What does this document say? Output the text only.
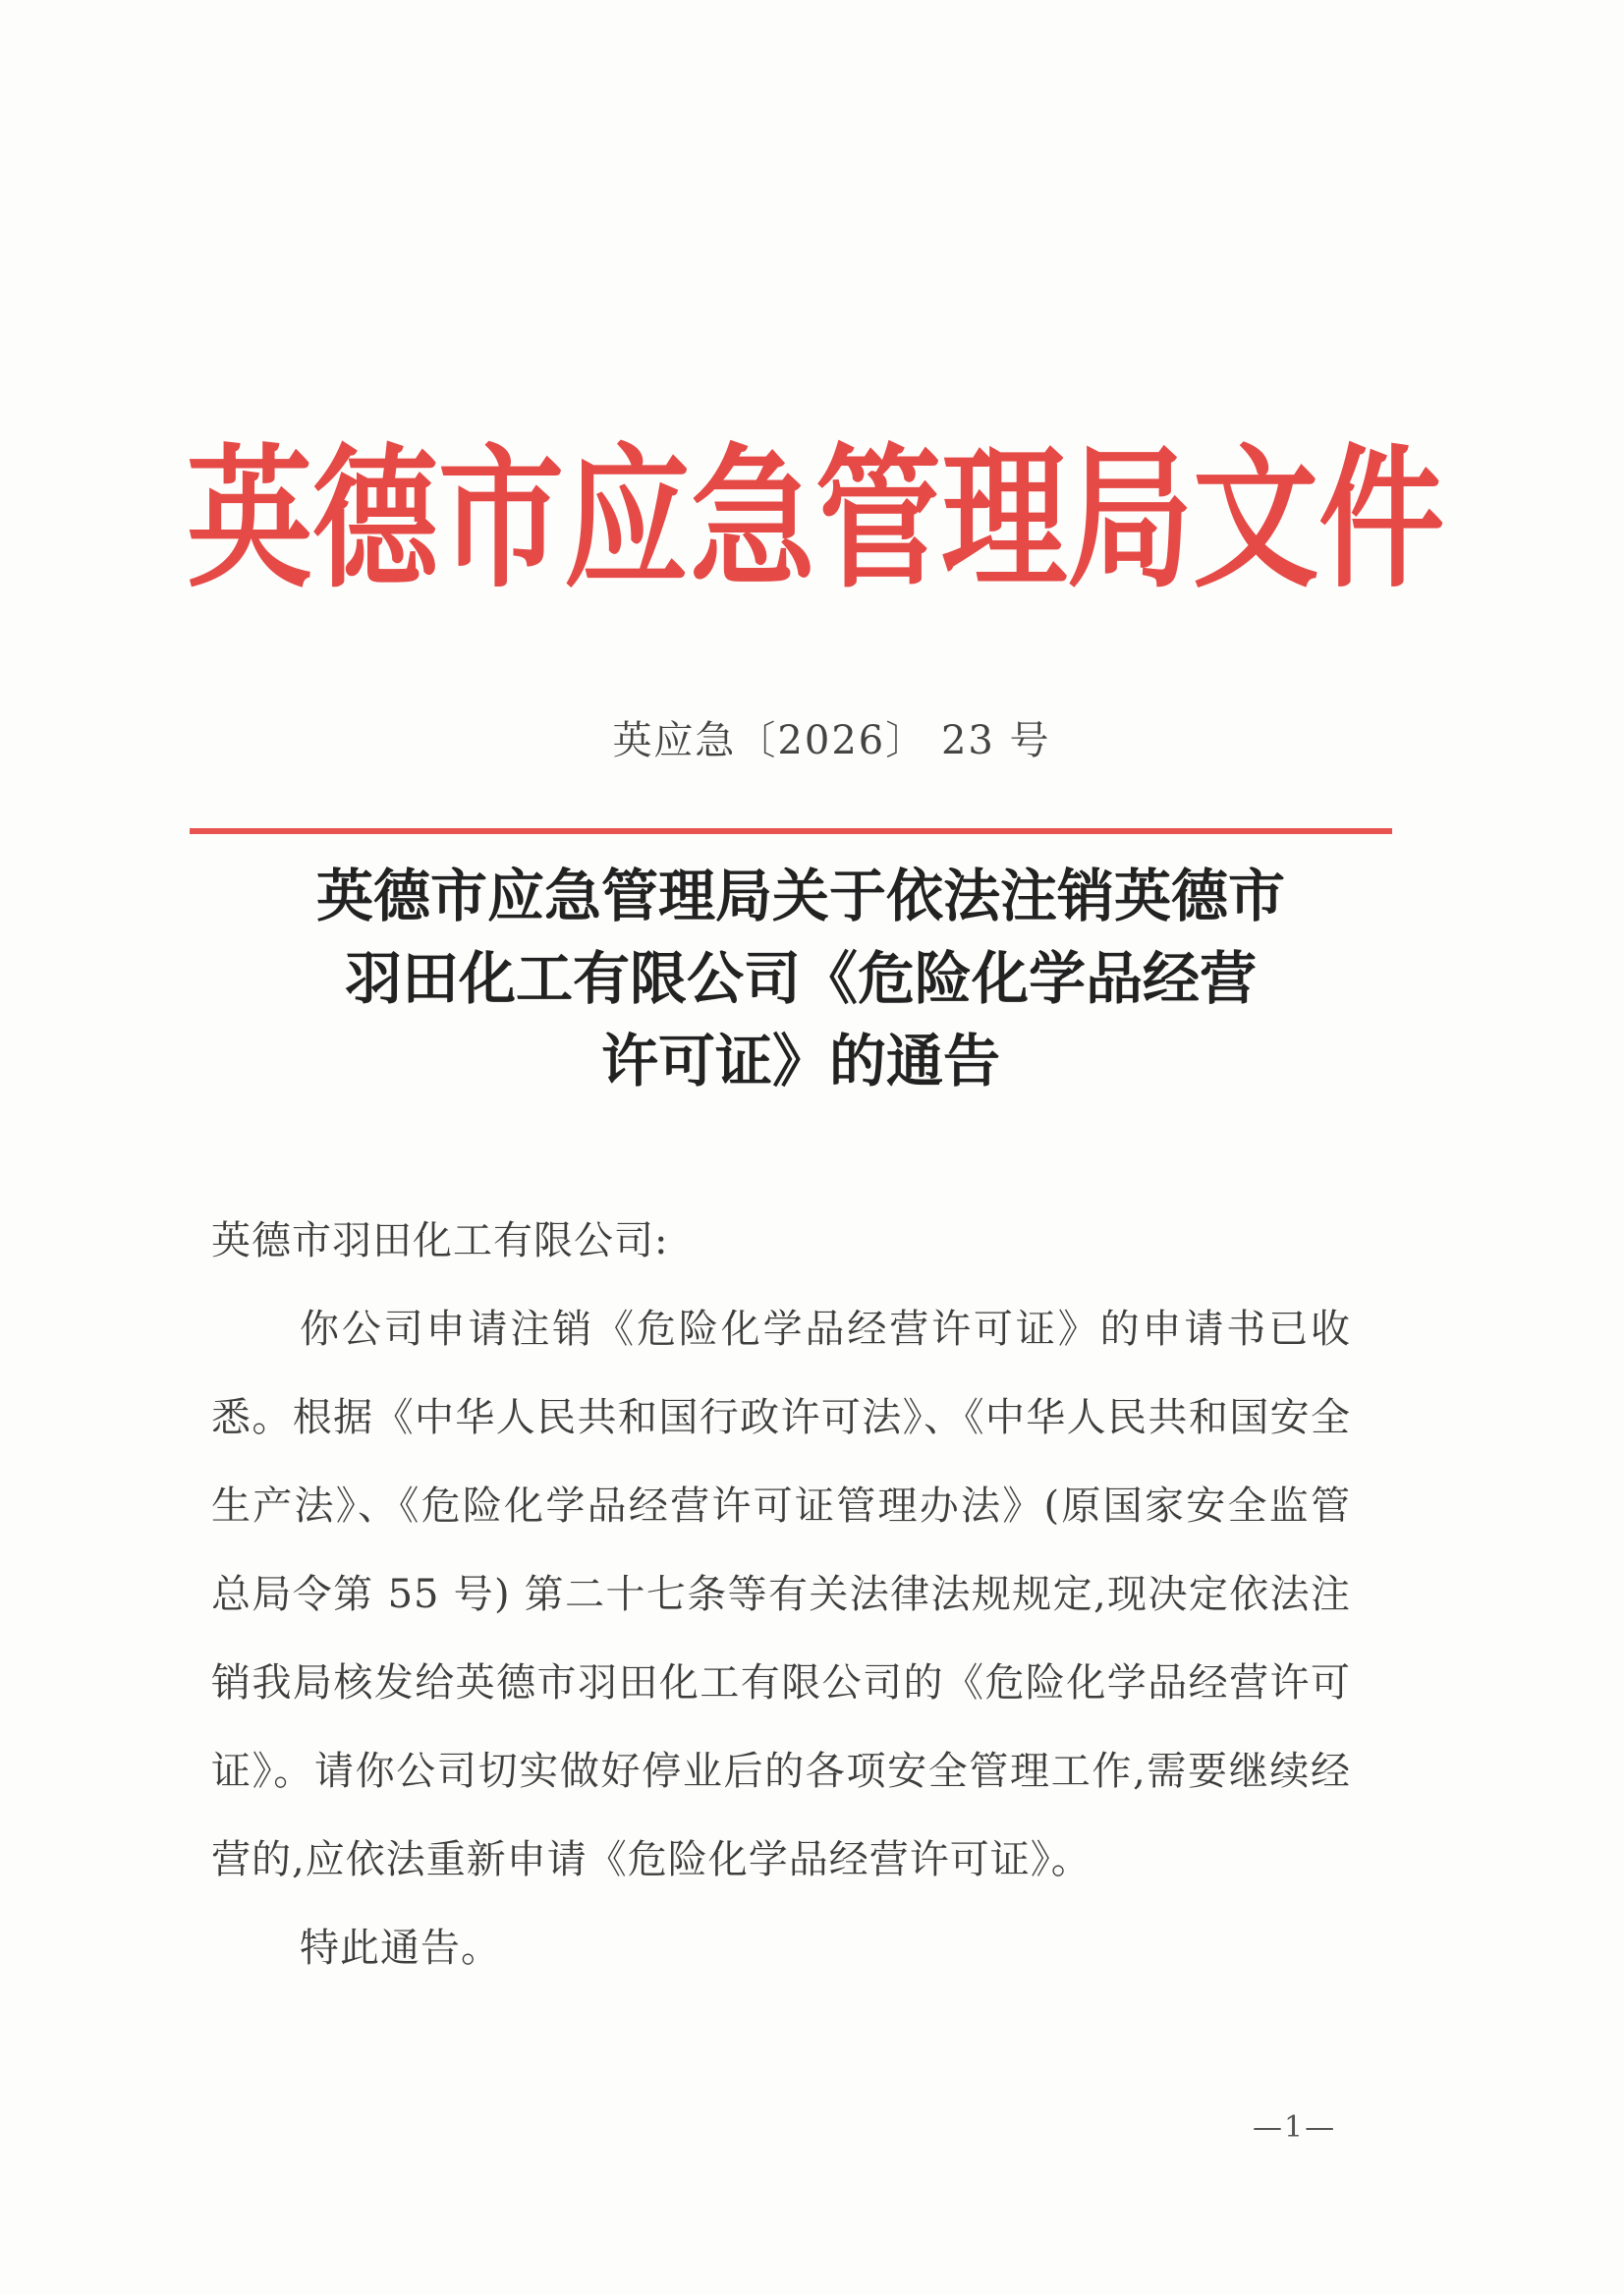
英 德 市 应 急 管 理 局 文 件
英应急〔2026〕 23 号
英德市应急管理局关于依法注销英德市
羽田化工有限公司《危险化学品经营
许可证》的通告

英德市羽田化工有限公司:

你公司申请注销《危险化学品经营许可证》的申请书已收悉。根据《中华人民共和国行政许可法》、《中华人民共和国安全生产法》、《危险化学品经营许可证管理办法》(原国家安全监管总局令第 55 号) 第二十七条等有关法律法规规定,现决定依法注销我局核发给英德市羽田化工有限公司的《危险化学品经营许可证》。请你公司切实做好停业后的各项安全管理工作,需要继续经营的,应依法重新申请《危险化学品经营许可证》。

特此通告。

—1—
